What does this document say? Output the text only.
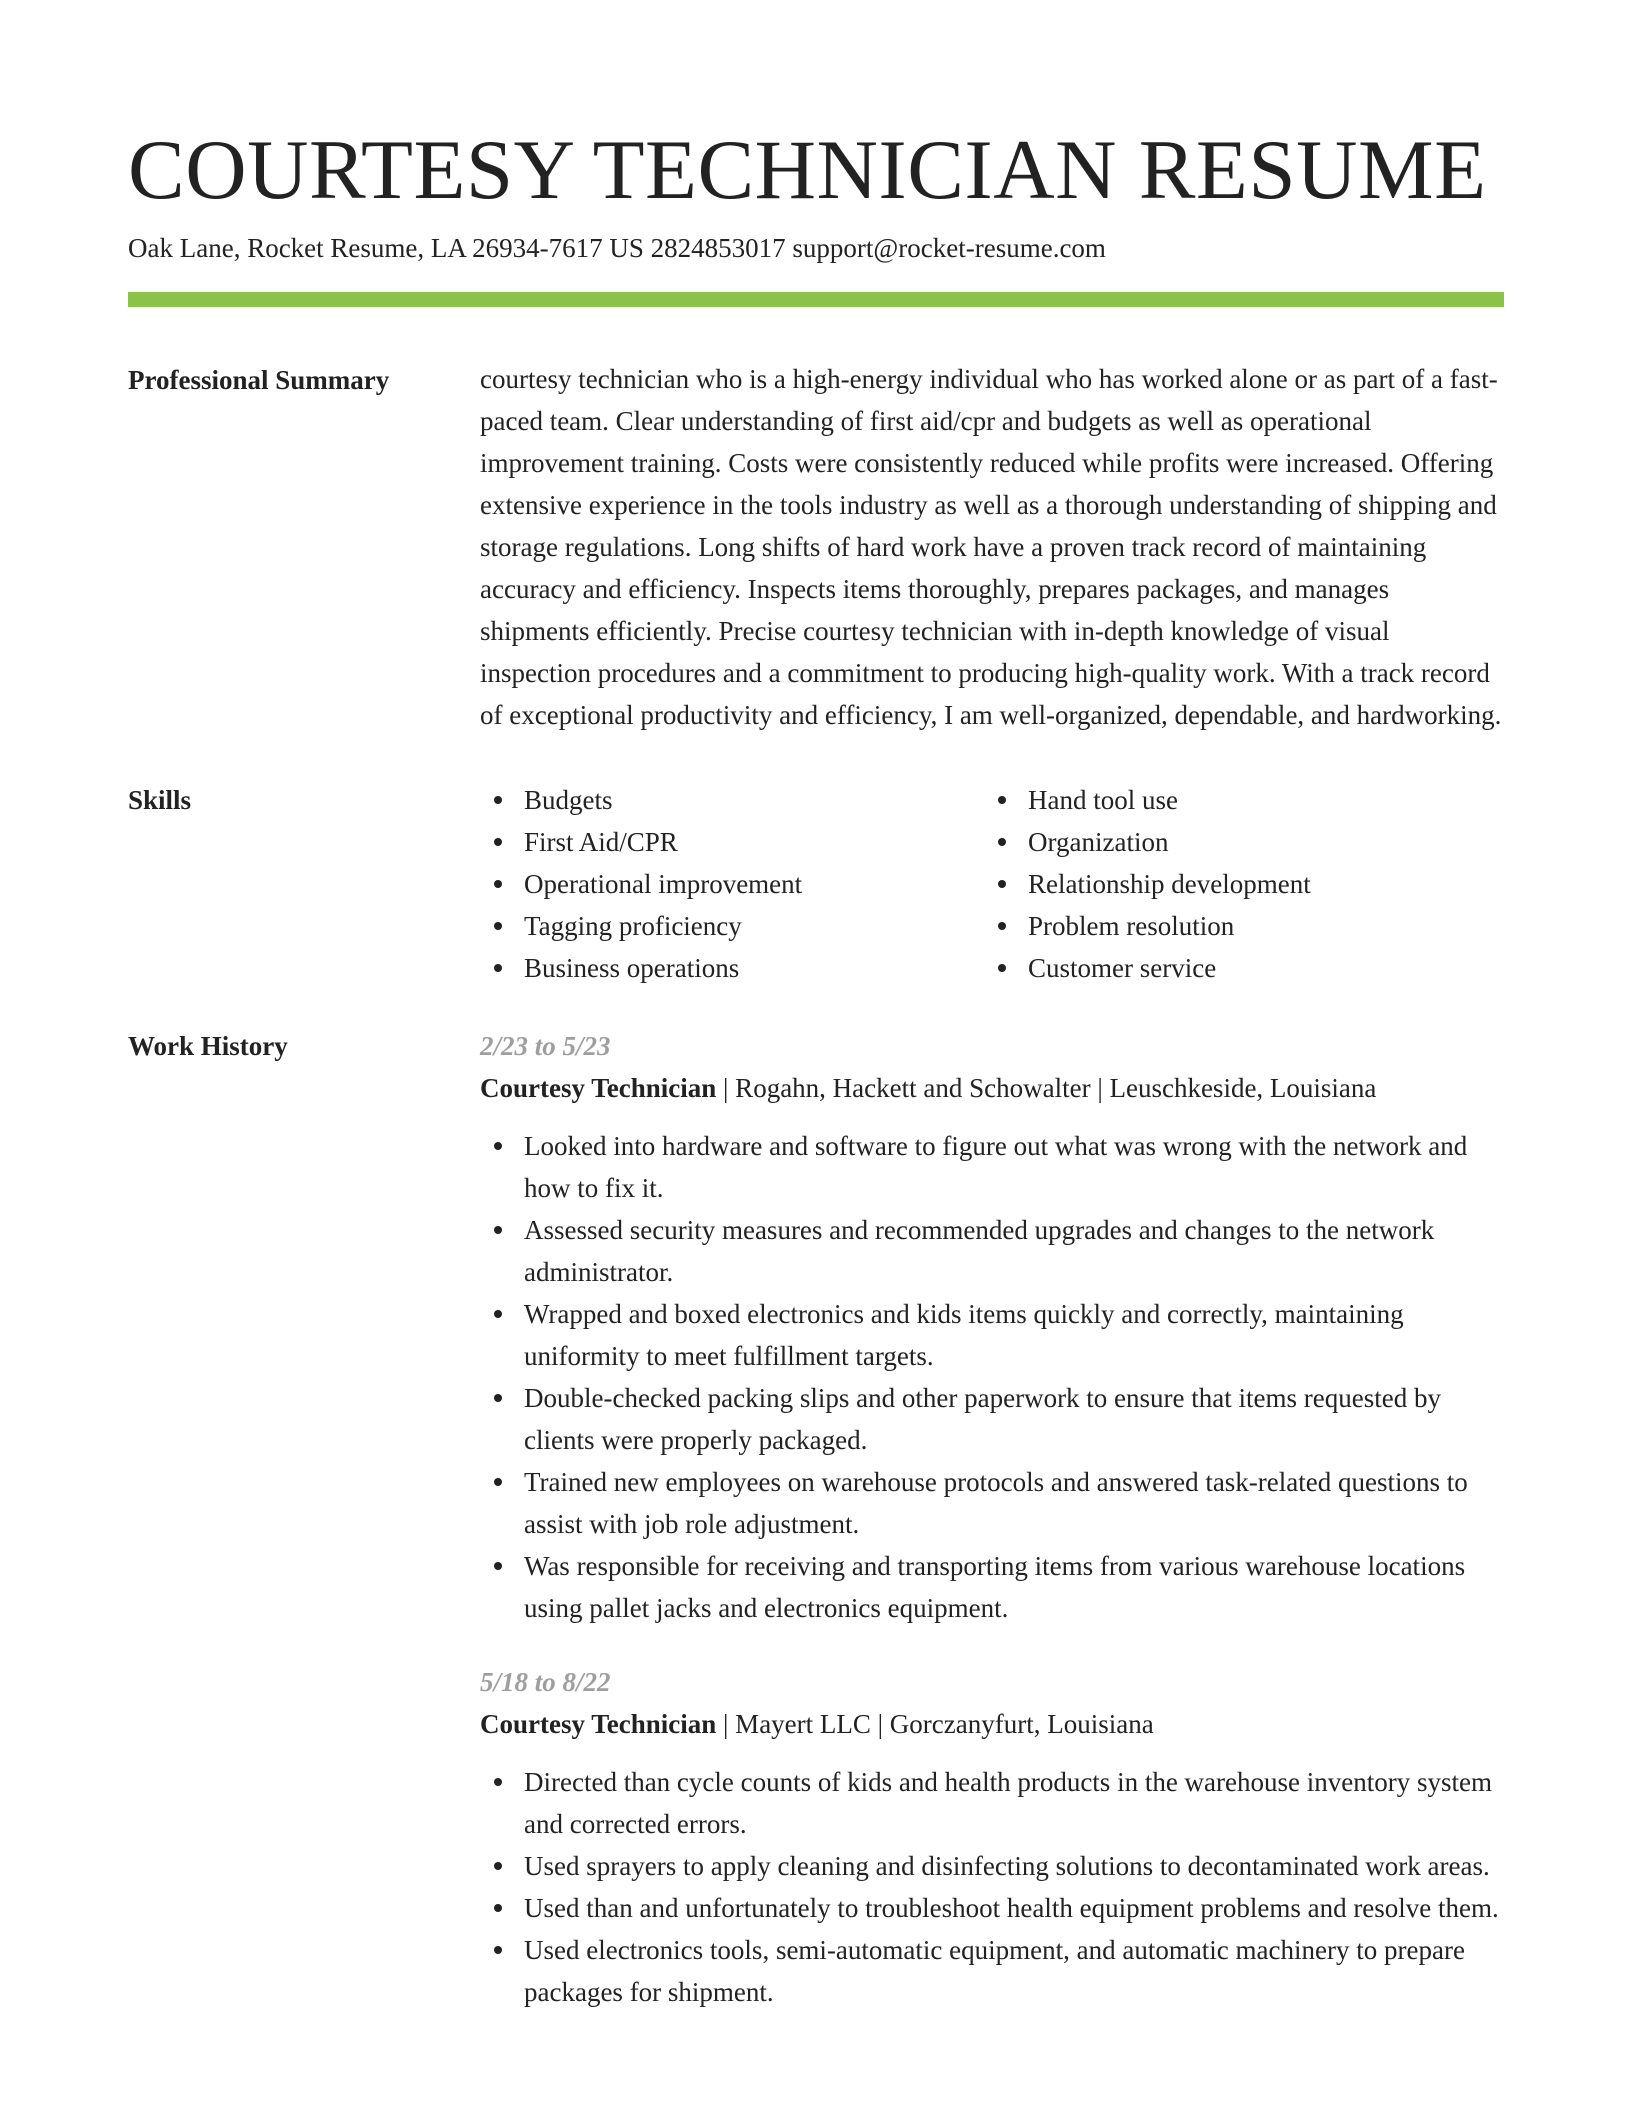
COURTESY TECHNICIAN RESUME
Oak Lane, Rocket Resume, LA 26934-7617 US 2824853017 support@rocket-resume.com
Professional Summary	courtesy technician who is a high-energy individual who has worked alone or as part of a fast-paced team. Clear understanding of first aid/cpr and budgets as well as operational improvement training. Costs were consistently reduced while profits were increased. Offering extensive experience in the tools industry as well as a thorough understanding of shipping and storage regulations. Long shifts of hard work have a proven track record of maintaining accuracy and efficiency. Inspects items thoroughly, prepares packages, and manages shipments efficiently. Precise courtesy technician with in-depth knowledge of visual inspection procedures and a commitment to producing high-quality work. With a track record of exceptional productivity and efficiency, I am well-organized, dependable, and hardworking.
Skills	Budgets
First Aid/CPR
Operational improvement
Tagging proficiency
Business operations
Hand tool use
Organization
Relationship development
Problem resolution
Customer service
Work History	2/23 to 5/23
Courtesy Technician | Rogahn, Hackett and Schowalter | Leuschkeside, Louisiana
Looked into hardware and software to figure out what was wrong with the network and how to fix it.
Assessed security measures and recommended upgrades and changes to the network administrator.
Wrapped and boxed electronics and kids items quickly and correctly, maintaining uniformity to meet fulfillment targets.
Double-checked packing slips and other paperwork to ensure that items requested by clients were properly packaged.
Trained new employees on warehouse protocols and answered task-related questions to assist with job role adjustment.
Was responsible for receiving and transporting items from various warehouse locations using pallet jacks and electronics equipment.
5/18 to 8/22
Courtesy Technician | Mayert LLC | Gorczanyfurt, Louisiana
Directed than cycle counts of kids and health products in the warehouse inventory system and corrected errors.
Used sprayers to apply cleaning and disinfecting solutions to decontaminated work areas.
Used than and unfortunately to troubleshoot health equipment problems and resolve them.
Used electronics tools, semi-automatic equipment, and automatic machinery to prepare packages for shipment.
